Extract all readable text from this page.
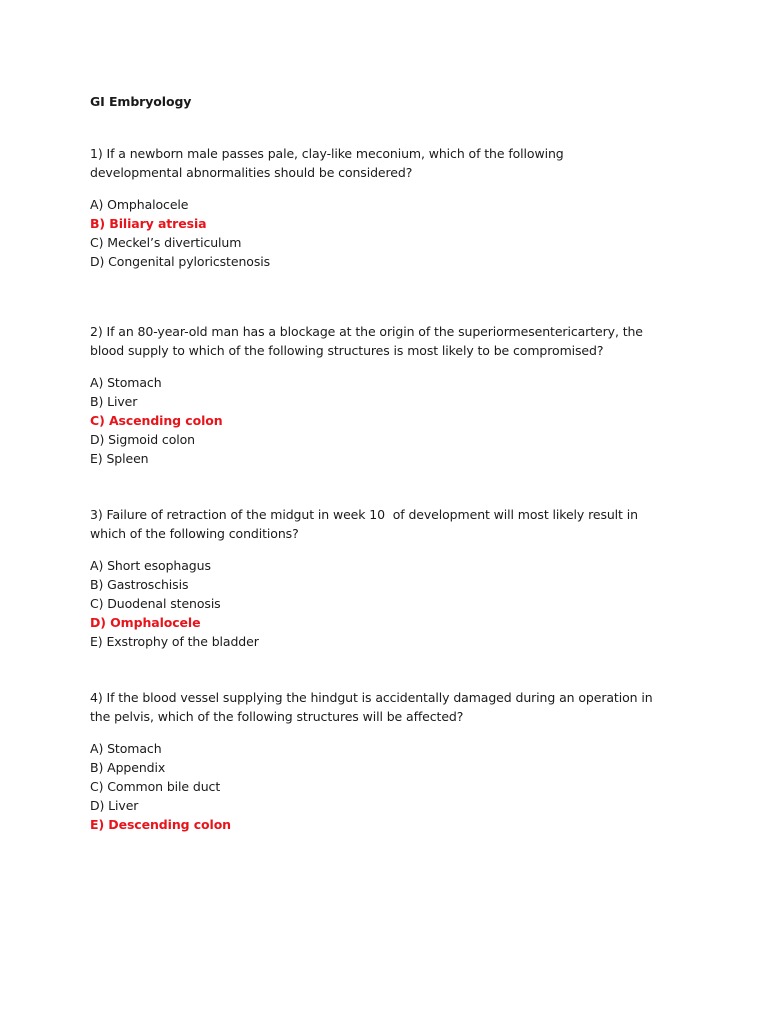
GI Embryology

1) If a newborn male passes pale, clay-like meconium, which of the following

developmental abnormalities should be considered?

A) Omphalocele
B) Biliary atresia
C) Meckel’s diverticulum
D) Congenital pyloricstenosis

2) If an 80-year-old man has a blockage at the origin of the superiormesentericartery, the

blood supply to which of the following structures is most likely to be compromised?

A) Stomach
B) Liver
C) Ascending colon
D) Sigmoid colon
E) Spleen

3) Failure of retraction of the midgut in week 10  of development will most likely result in

which of the following conditions?

A) Short esophagus
B) Gastroschisis
C) Duodenal stenosis
D) Omphalocele
E) Exstrophy of the bladder

4) If the blood vessel supplying the hindgut is accidentally damaged during an operation in

the pelvis, which of the following structures will be affected?

A) Stomach
B) Appendix
C) Common bile duct
D) Liver
E) Descending colon
